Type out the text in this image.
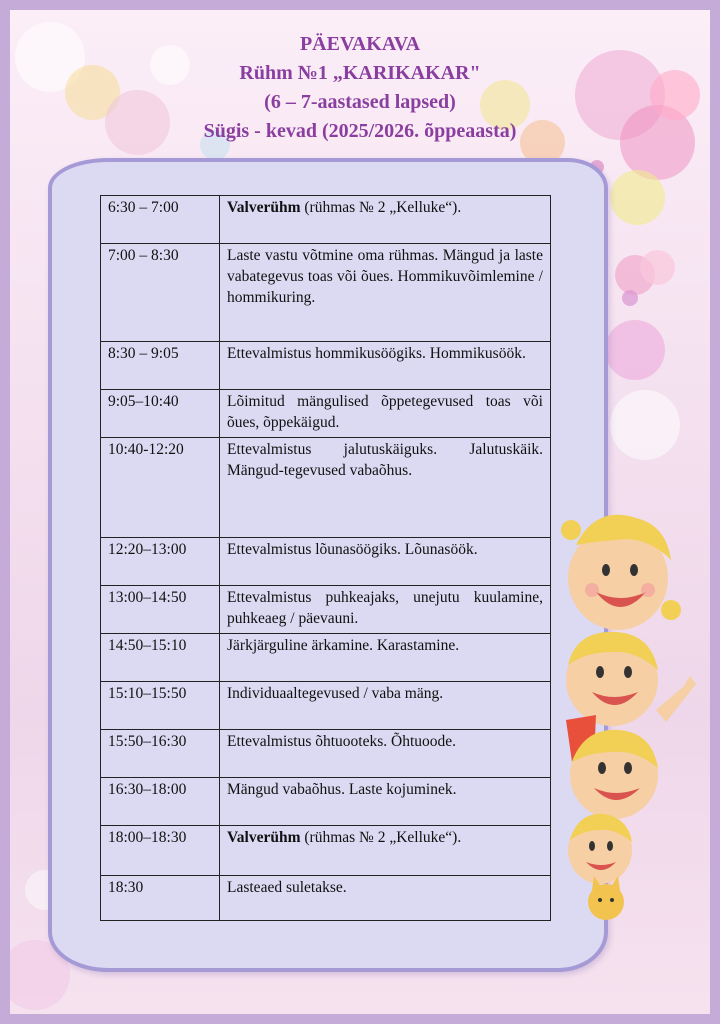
PÄEVAKAVA
Rühm №1 „KARIKAKAR"
(6 – 7-aastased lapsed)
Sügis - kevad (2025/2026. õppeaasta)
6:30 – 7:00	Valverühm (rühmas № 2 „Kelluke“).
7:00 – 8:30	Laste vastu võtmine oma rühmas. Mängud ja laste vabategevus toas või õues. Hommikuvõimlemine / hommikuring.
8:30 – 9:05	Ettevalmistus hommikusöögiks. Hommikusöök.
9:05–10:40	Lõimitud mängulised õppetegevused toas või õues, õppekäigud.
10:40-12:20	Ettevalmistus jalutuskäiguks. Jalutuskäik. Mängud-tegevused vabaõhus.
12:20–13:00	Ettevalmistus lõunasöögiks. Lõunasöök.
13:00–14:50	Ettevalmistus puhkeajaks, unejutu kuulamine, puhkeaeg / päevauni.
14:50–15:10	Järkjärguline ärkamine. Karastamine.
15:10–15:50	Individuaaltegevused / vaba mäng.
15:50–16:30	Ettevalmistus õhtuooteks. Õhtuoode.
16:30–18:00	Mängud vabaõhus. Laste kojuminek.
18:00–18:30	Valverühm (rühmas № 2 „Kelluke“).
18:30	Lasteaed suletakse.
